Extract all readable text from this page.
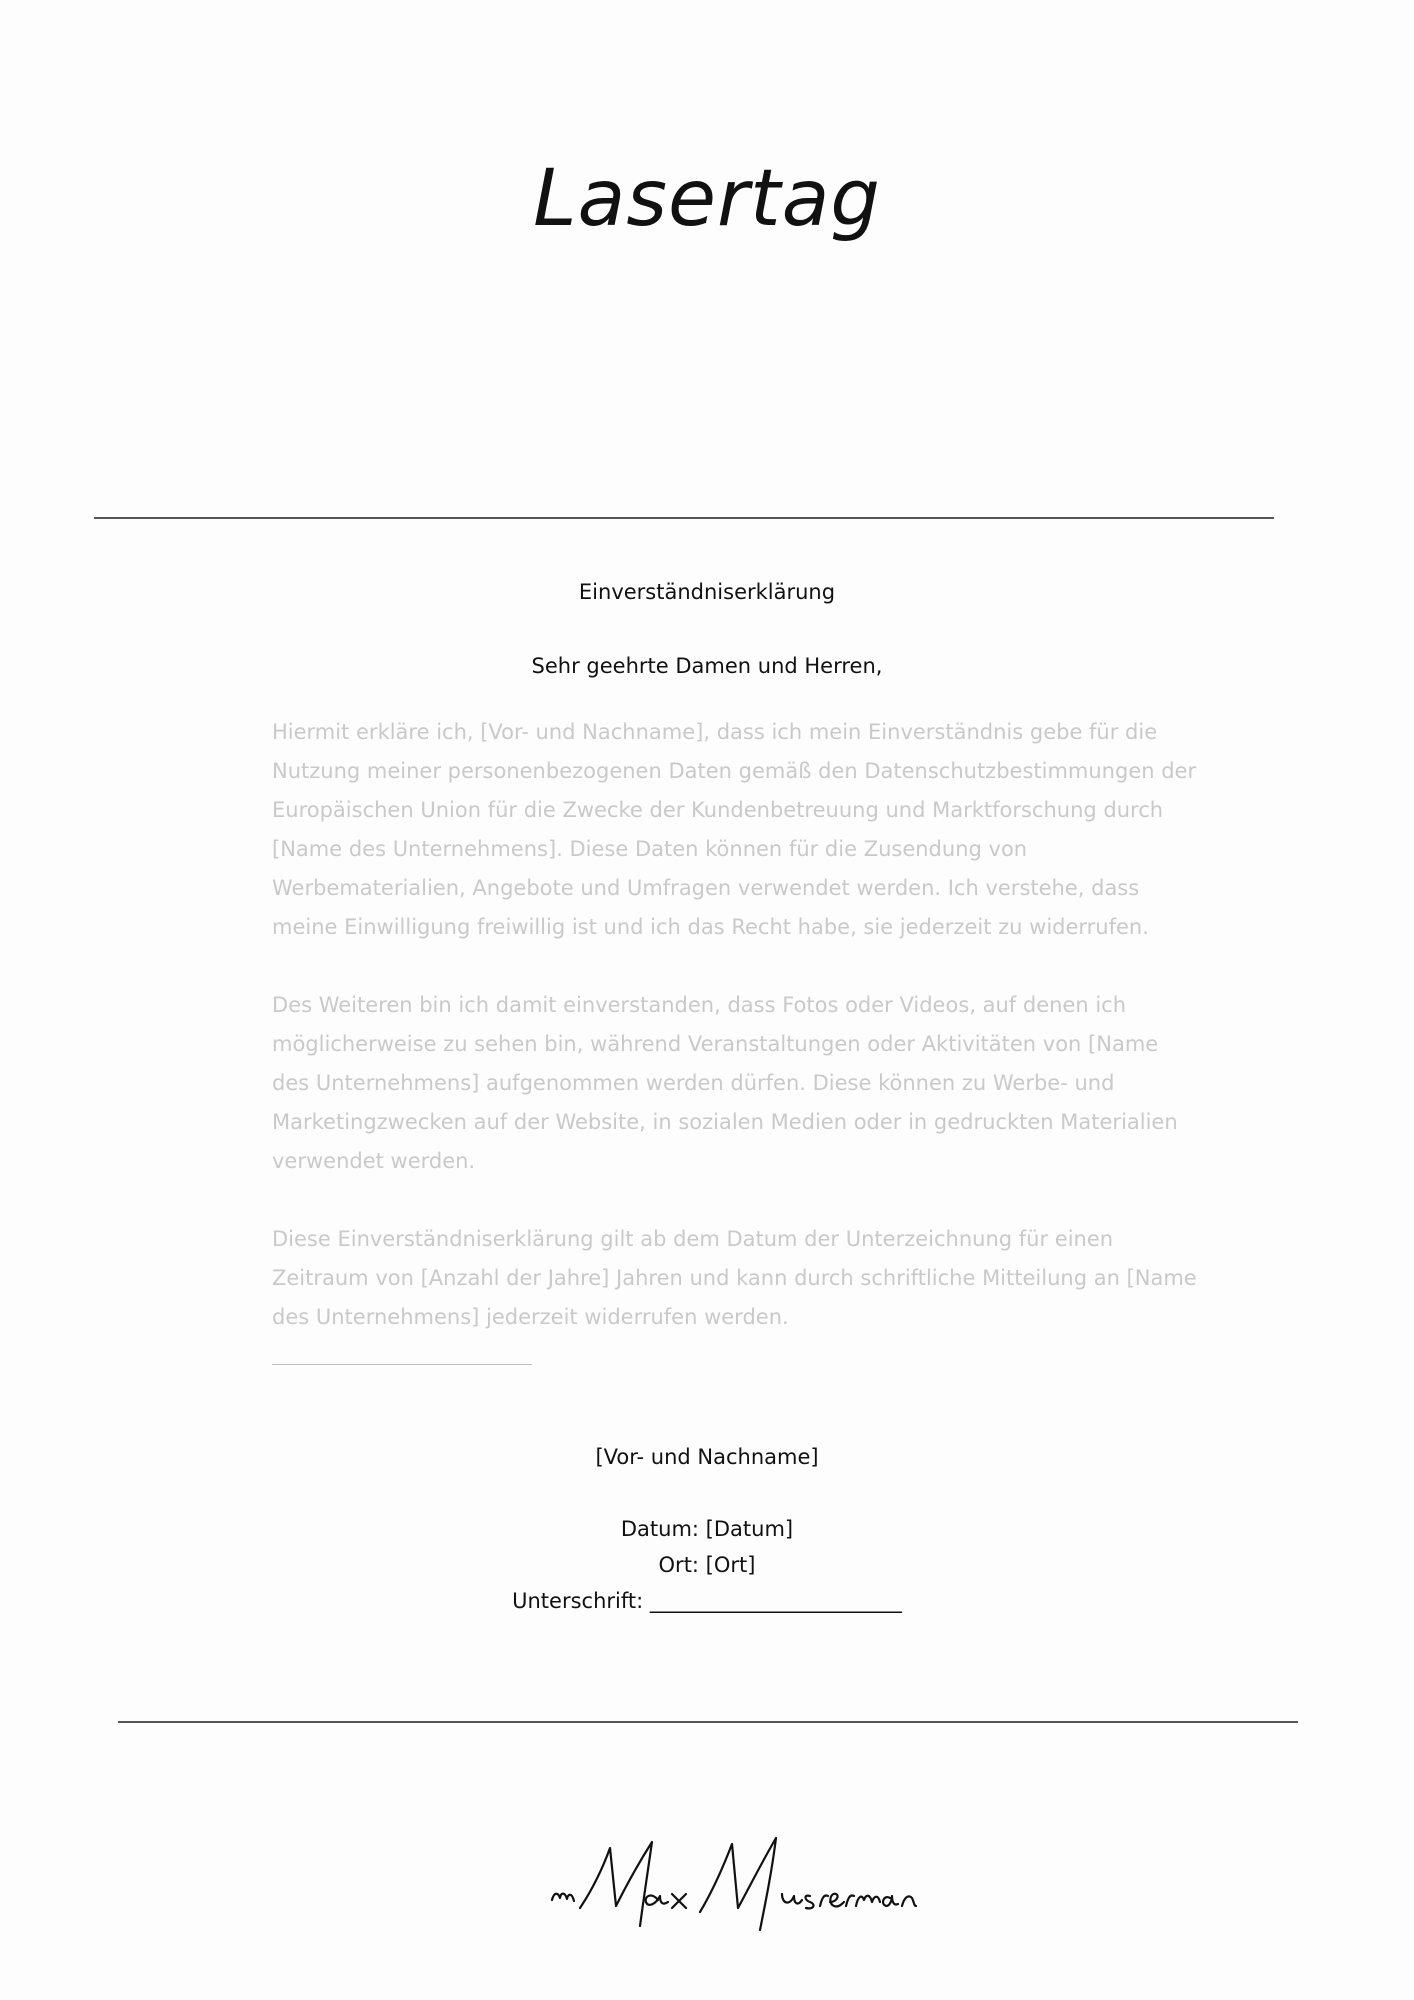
Lasertag
Einverständniserklärung
Sehr geehrte Damen und Herren,

Hiermit erkläre ich, [Vor- und Nachname], dass ich mein Einverständnis gebe für die Nutzung meiner personenbezogenen Daten gemäß den Datenschutzbestimmungen der Europäischen Union für die Zwecke der Kundenbetreuung und Marktforschung durch [Name des Unternehmens]. Diese Daten können für die Zusendung von Werbematerialien, Angebote und Umfragen verwendet werden. Ich verstehe, dass meine Einwilligung freiwillig ist und ich das Recht habe, sie jederzeit zu widerrufen.

Des Weiteren bin ich damit einverstanden, dass Fotos oder Videos, auf denen ich möglicherweise zu sehen bin, während Veranstaltungen oder Aktivitäten von [Name des Unternehmens] aufgenommen werden dürfen. Diese können zu Werbe- und Marketingzwecken auf der Website, in sozialen Medien oder in gedruckten Materialien verwendet werden.

Diese Einverständniserklärung gilt ab dem Datum der Unterzeichnung für einen Zeitraum von [Anzahl der Jahre] Jahren und kann durch schriftliche Mitteilung an [Name des Unternehmens] jederzeit widerrufen werden.

[Vor- und Nachname]
Datum: [Datum]
Ort: [Ort]
Unterschrift: ________________________
